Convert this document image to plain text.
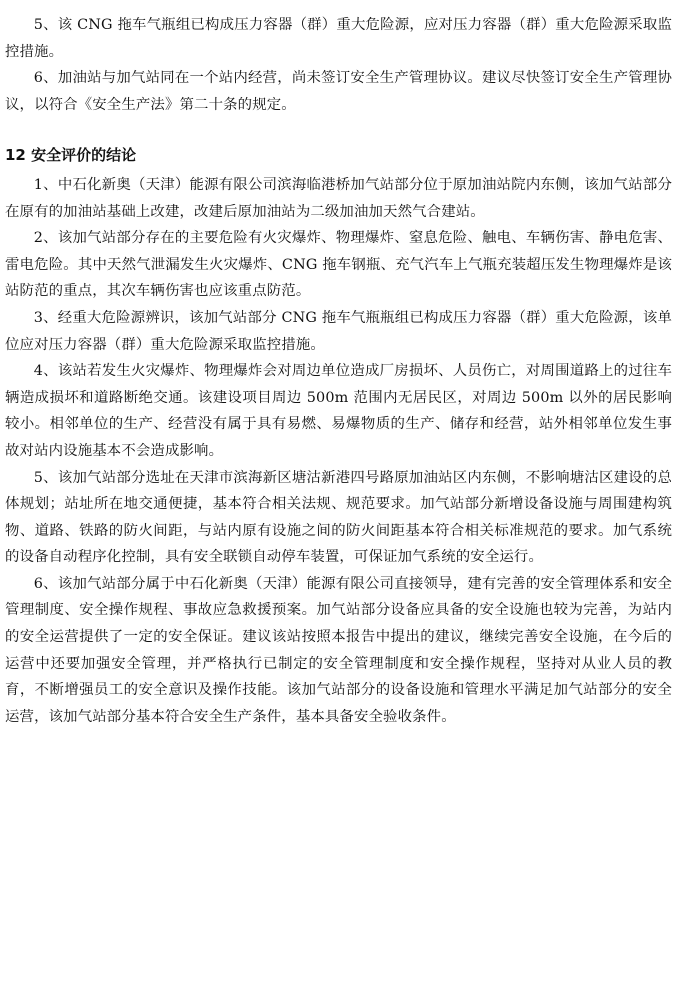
5、该 CNG 拖车气瓶组已构成压力容器（群）重大危险源，应对压力容器（群）重大危险源采取监控措施。

6、加油站与加气站同在一个站内经营，尚未签订安全生产管理协议。建议尽快签订安全生产管理协议，以符合《安全生产法》第二十条的规定。

12 安全评价的结论

1、中石化新奥（天津）能源有限公司滨海临港桥加气站部分位于原加油站院内东侧，该加气站部分在原有的加油站基础上改建，改建后原加油站为二级加油加天然气合建站。

2、该加气站部分存在的主要危险有火灾爆炸、物理爆炸、窒息危险、触电、车辆伤害、静电危害、雷电危险。其中天然气泄漏发生火灾爆炸、CNG 拖车钢瓶、充气汽车上气瓶充装超压发生物理爆炸是该站防范的重点，其次车辆伤害也应该重点防范。

3、经重大危险源辨识，该加气站部分 CNG 拖车气瓶瓶组已构成压力容器（群）重大危险源，该单位应对压力容器（群）重大危险源采取监控措施。

4、该站若发生火灾爆炸、物理爆炸会对周边单位造成厂房损坏、人员伤亡，对周围道路上的过往车辆造成损坏和道路断绝交通。该建设项目周边 500m 范围内无居民区，对周边 500m 以外的居民影响较小。相邻单位的生产、经营没有属于具有易燃、易爆物质的生产、储存和经营，站外相邻单位发生事故对站内设施基本不会造成影响。

5、该加气站部分选址在天津市滨海新区塘沽新港四号路原加油站区内东侧，不影响塘沽区建设的总体规划；站址所在地交通便捷，基本符合相关法规、规范要求。加气站部分新增设备设施与周围建构筑物、道路、铁路的防火间距，与站内原有设施之间的防火间距基本符合相关标准规范的要求。加气系统的设备自动程序化控制，具有安全联锁自动停车装置，可保证加气系统的安全运行。

6、该加气站部分属于中石化新奥（天津）能源有限公司直接领导，建有完善的安全管理体系和安全管理制度、安全操作规程、事故应急救援预案。加气站部分设备应具备的安全设施也较为完善，为站内的安全运营提供了一定的安全保证。建议该站按照本报告中提出的建议，继续完善安全设施，在今后的运营中还要加强安全管理，并严格执行已制定的安全管理制度和安全操作规程，坚持对从业人员的教育，不断增强员工的安全意识及操作技能。该加气站部分的设备设施和管理水平满足加气站部分的安全运营，该加气站部分基本符合安全生产条件，基本具备安全验收条件。
